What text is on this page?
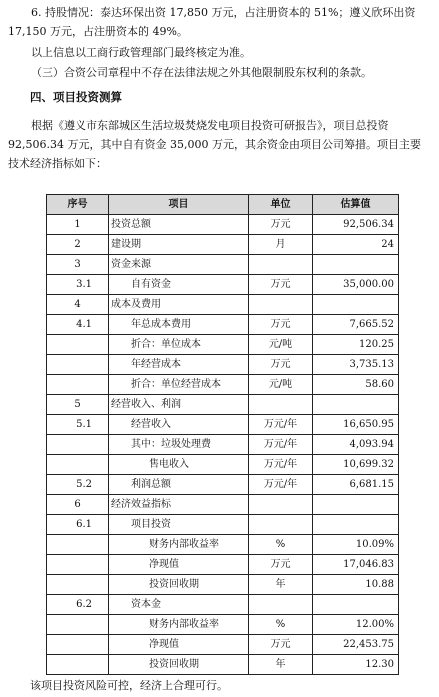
6. 持股情况：泰达环保出资 17,850 万元，占注册资本的 51%；遵义欣环出资 17,150 万元，占注册资本的 49%。
以上信息以工商行政管理部门最终核定为准。
（三）合资公司章程中不存在法律法规之外其他限制股东权利的条款。
四、项目投资测算
根据《遵义市东部城区生活垃圾焚烧发电项目投资可研报告》，项目总投资 92,506.34 万元，其中自有资金 35,000 万元，其余资金由项目公司筹措。项目主要技术经济指标如下：
序号	项目	单位	估算值
1	投资总额	万元	92,506.34
2	建设期	月	24
3	资金来源		
3.1	自有资金	万元	35,000.00
4	成本及费用		
4.1	年总成本费用	万元	7,665.52
	折合：单位成本	元/吨	120.25
	年经营成本	万元	3,735.13
	折合：单位经营成本	元/吨	58.60
5	经营收入、利润		
5.1	经营收入	万元/年	16,650.95
	其中：垃圾处理费	万元/年	4,093.94
	售电收入	万元/年	10,699.32
5.2	利润总额	万元/年	6,681.15
6	经济效益指标		
6.1	项目投资		
	财务内部收益率	%	10.09%
	净现值	万元	17,046.83
	投资回收期	年	10.88
6.2	资本金		
	财务内部收益率	%	12.00%
	净现值	万元	22,453.75
	投资回收期	年	12.30
该项目投资风险可控，经济上合理可行。
